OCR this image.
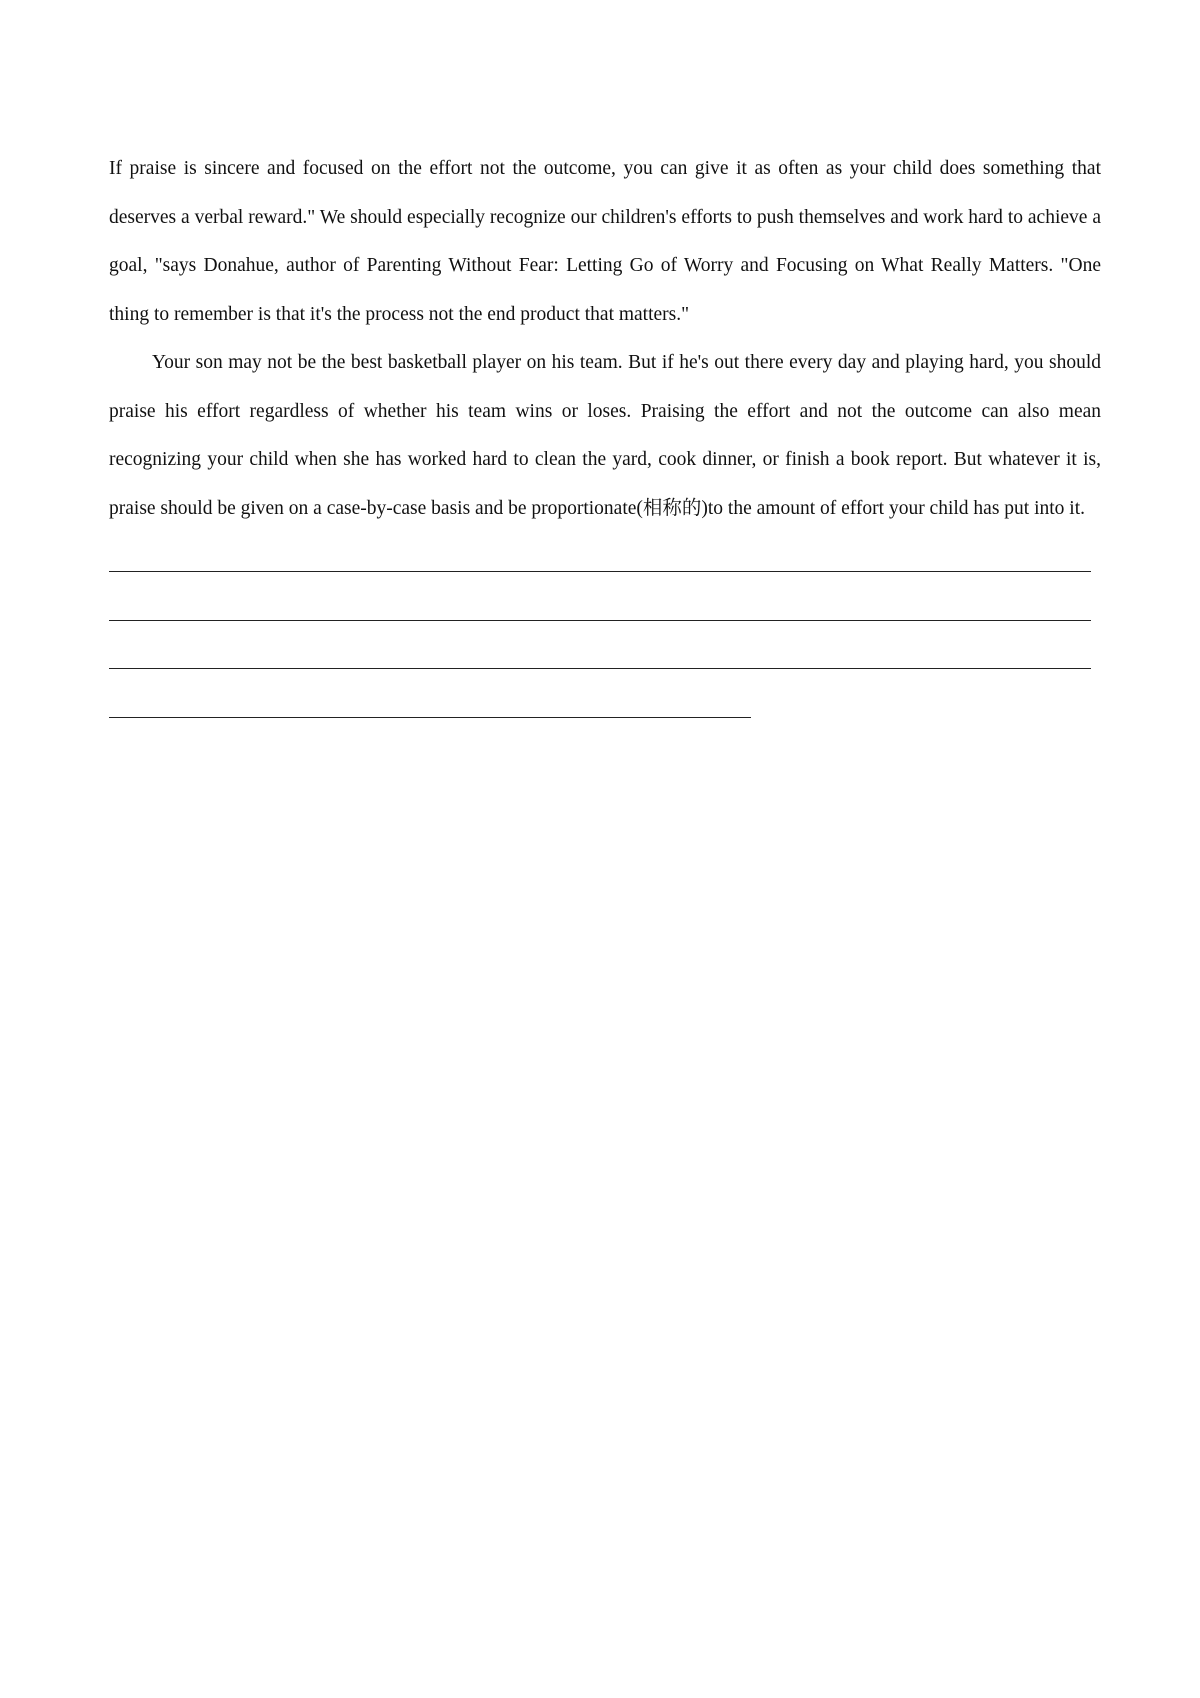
If praise is sincere and focused on the effort not the outcome, you can give it as often as your child does something that deserves a verbal reward." We should especially recognize our children's efforts to push themselves and work hard to achieve a goal, "says Donahue, author of Parenting Without Fear: Letting Go of Worry and Focusing on What Really Matters. "One thing to remember is that it's the process not the end product that matters."

Your son may not be the best basketball player on his team. But if he's out there every day and playing hard, you should praise his effort regardless of whether his team wins or loses. Praising the effort and not the outcome can also mean recognizing your child when she has worked hard to clean the yard, cook dinner, or finish a book report. But whatever it is, praise should be given on a case-by-case basis and be proportionate(相称的)to the amount of effort your child has put into it.
